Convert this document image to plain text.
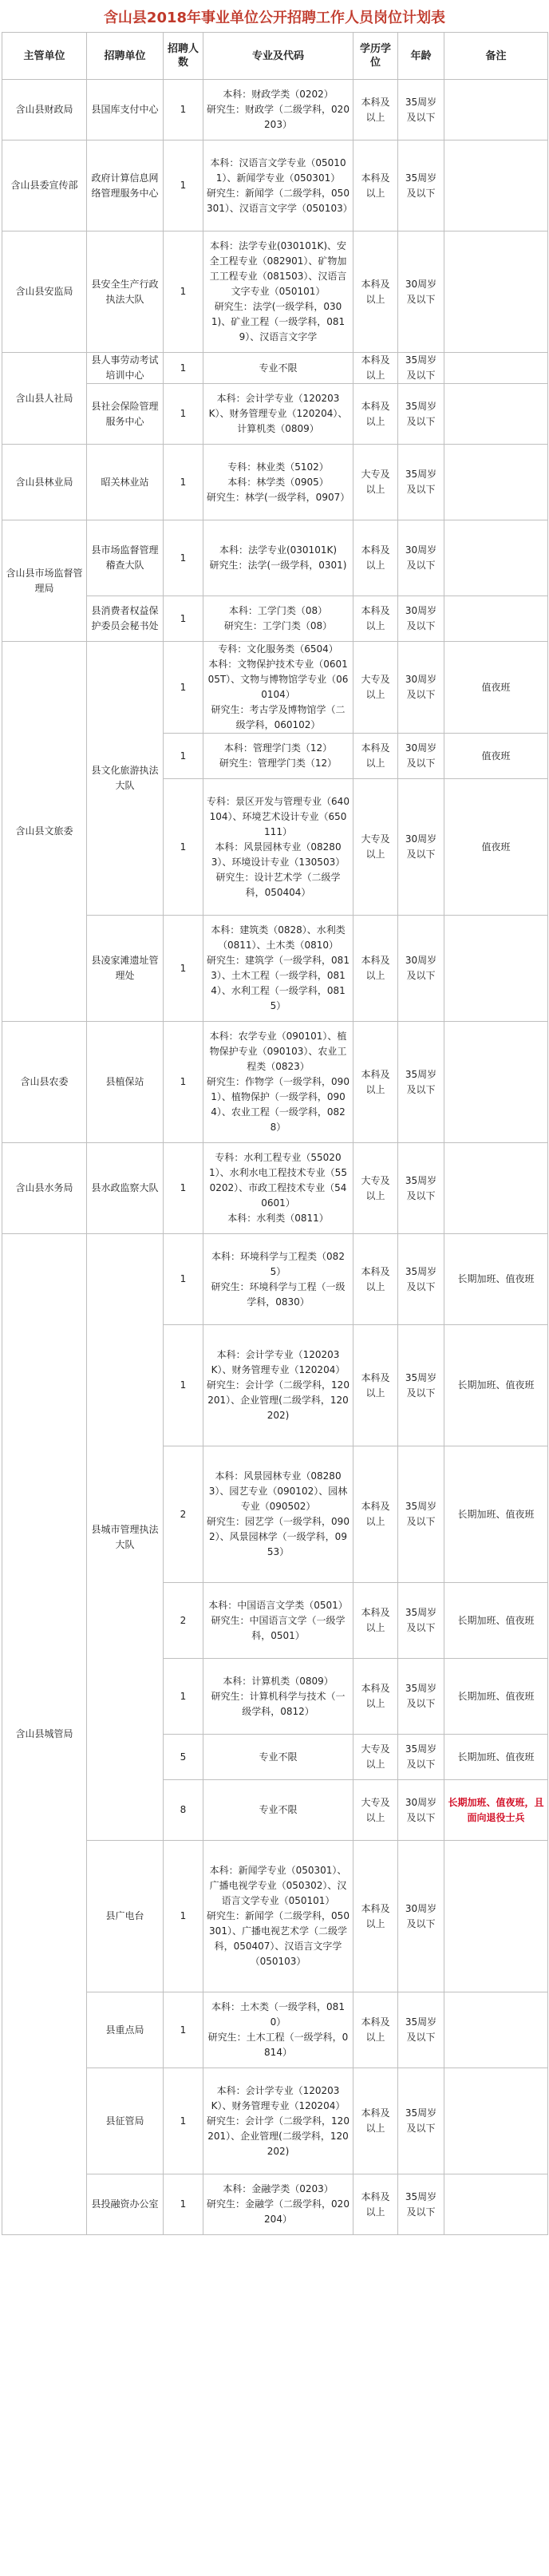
含山县2018年事业单位公开招聘工作人员岗位计划表
主管单位	招聘单位	招聘人数	专业及代码	学历学位	年龄	备注
含山县财政局	县国库支付中心	1	本科：财政学类（0202）
研究生：财政学（二级学科，020203）	本科及以上	35周岁及以下	
含山县委宣传部	政府计算信息网络管理服务中心	1	本科：汉语言文学专业（050101）、新闻学专业（050301）
研究生：新闻学（二级学科，050301）、汉语言文字学（050103）	本科及以上	35周岁及以下	
含山县安监局	县安全生产行政执法大队	1	本科：法学专业(030101K)、安全工程专业（082901）、矿物加工工程专业（081503）、汉语言文字专业（050101）
研究生：法学(一级学科，0301)、矿业工程（一级学科，0819）、汉语言文字学	本科及以上	30周岁及以下	
含山县人社局	县人事劳动考试培训中心	1	专业不限	本科及以上	35周岁及以下	
	县社会保险管理服务中心	1	本科：会计学专业（120203K）、财务管理专业（120204）、计算机类（0809）	本科及以上	35周岁及以下	
含山县林业局	昭关林业站	1	专科：林业类（5102）
本科：林学类（0905）
研究生：林学(一级学科，0907）	大专及以上	35周岁及以下	
含山县市场监督管理局	县市场监督管理稽查大队	1	本科：法学专业(030101K)
研究生：法学(一级学科，0301)	本科及以上	30周岁及以下	
	县消费者权益保护委员会秘书处	1	本科：工学门类（08）
研究生：工学门类（08）	本科及以上	30周岁及以下	
含山县文旅委	县文化旅游执法大队	1	专科：文化服务类（6504）
本科：文物保护技术专业（060105T）、文物与博物馆学专业（060104）
研究生：考古学及博物馆学（二级学科，060102）	大专及以上	30周岁及以下	值夜班
		1	本科：管理学门类（12）
研究生：管理学门类（12）	本科及以上	30周岁及以下	值夜班
		1	专科：景区开发与管理专业（640104）、环境艺术设计专业（650111）
本科：风景园林专业（082803）、环境设计专业（130503）
研究生：设计艺术学（二级学科，050404）	大专及以上	30周岁及以下	值夜班
	县凌家滩遗址管理处	1	本科：建筑类（0828）、水利类（0811）、土木类（0810）
研究生：建筑学（一级学科，0813）、土木工程（一级学科，0814）、水利工程（一级学科，0815）	本科及以上	30周岁及以下	
含山县农委	县植保站	1	本科：农学专业（090101）、植物保护专业（090103）、农业工程类（0823）
研究生：作物学（一级学科，0901）、植物保护（一级学科，0904）、农业工程（一级学科，0828）	本科及以上	35周岁及以下	
含山县水务局	县水政监察大队	1	专科：水利工程专业（550201）、水利水电工程技术专业（550202）、市政工程技术专业（540601）
本科：水利类（0811）	大专及以上	35周岁及以下	
含山县城管局	县城市管理执法大队	1	本科：环境科学与工程类（0825）
研究生：环境科学与工程（一级学科，0830）	本科及以上	35周岁及以下	长期加班、值夜班
		1	本科：会计学专业（120203K）、财务管理专业（120204）
研究生：会计学（二级学科，120201）、企业管理(二级学科，120202)	本科及以上	35周岁及以下	长期加班、值夜班
		2	本科：风景园林专业（082803）、园艺专业（090102）、园林专业（090502）
研究生：园艺学（一级学科，0902）、风景园林学（一级学科，0953）	本科及以上	35周岁及以下	长期加班、值夜班
		2	本科：中国语言文学类（0501）
研究生：中国语言文学（一级学科，0501）	本科及以上	35周岁及以下	长期加班、值夜班
		1	本科：计算机类（0809）
研究生：计算机科学与技术（一级学科，0812）	本科及以上	35周岁及以下	长期加班、值夜班
		5	专业不限	大专及以上	35周岁及以下	长期加班、值夜班
		8	专业不限	大专及以上	30周岁及以下	长期加班、值夜班，且面向退役士兵
	县广电台	1	本科：新闻学专业（050301）、广播电视学专业（050302）、汉语言文学专业（050101）
研究生：新闻学（二级学科，050301）、广播电视艺术学（二级学科，050407）、汉语言文字学（050103）	本科及以上	30周岁及以下	
	县重点局	1	本科：土木类（一级学科，0810）
研究生：土木工程（一级学科，0814）	本科及以上	35周岁及以下	
	县征管局	1	本科：会计学专业（120203K）、财务管理专业（120204）
研究生：会计学（二级学科，120201）、企业管理(二级学科，120202)	本科及以上	35周岁及以下	
	县投融资办公室	1	本科：金融学类（0203）
研究生：金融学（二级学科，020204）	本科及以上	35周岁及以下	
